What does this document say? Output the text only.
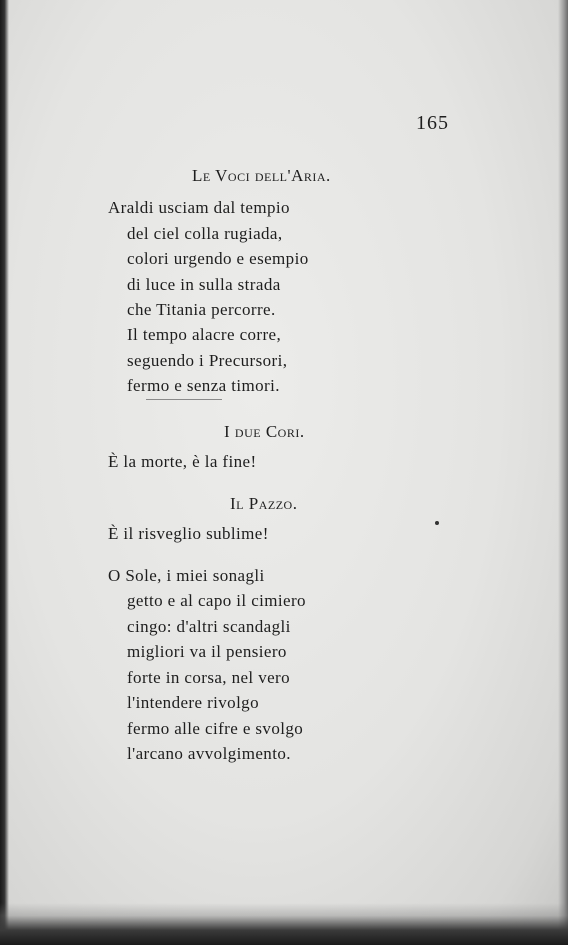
165
Le Voci dell'Aria.
Araldi usciam dal tempio
del ciel colla rugiada,
colori urgendo e esempio
di luce in sulla strada
che Titania percorre.
Il tempo alacre corre,
seguendo i Precursori,
fermo e senza timori.
I due Cori.
È la morte, è la fine!
Il Pazzo.
È il risveglio sublime!
O Sole, i miei sonagli
getto e al capo il cimiero
cingo: d'altri scandagli
migliori va il pensiero
forte in corsa, nel vero
l'intendere rivolgo
fermo alle cifre e svolgo
l'arcano avvolgimento.
